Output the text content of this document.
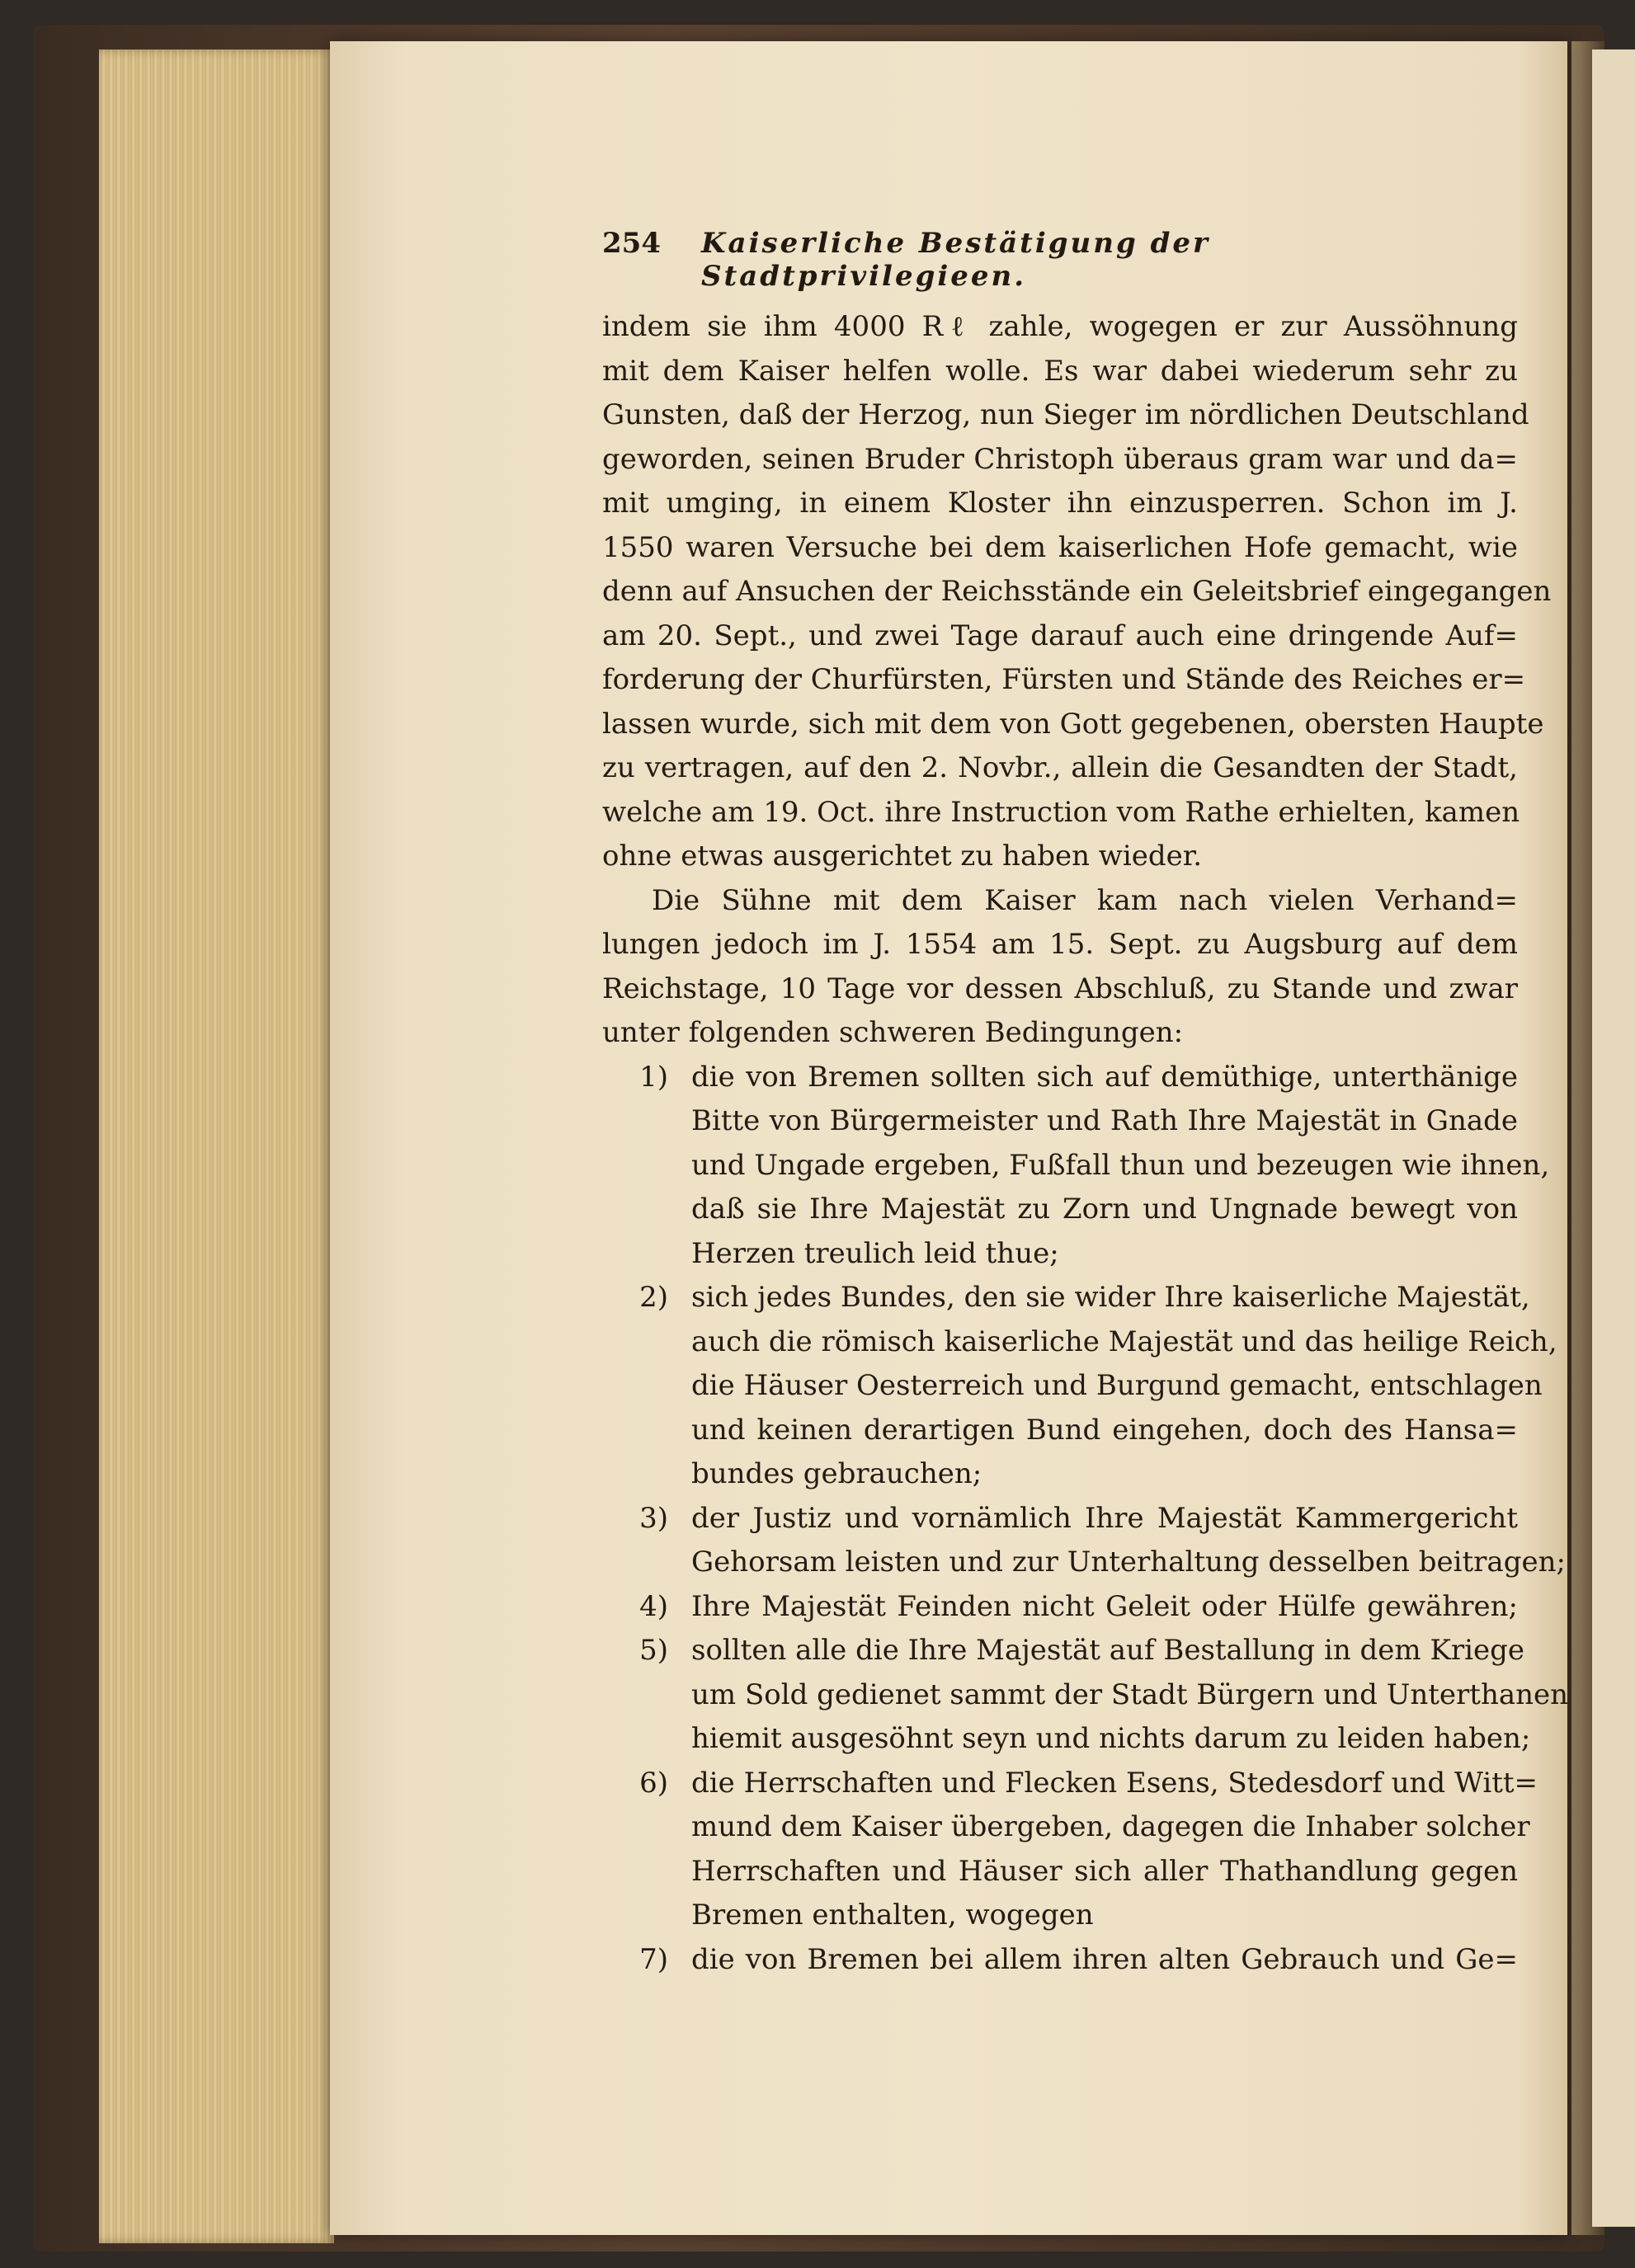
254 Kaiserliche Bestätigung der Stadtprivilegieen.
indem sie ihm 4000 Rℓ zahle, wogegen er zur Aussöhnung
mit dem Kaiser helfen wolle. Es war dabei wiederum sehr zu
Gunsten, daß der Herzog, nun Sieger im nördlichen Deutschland
geworden, seinen Bruder Christoph überaus gram war und da=
mit umging, in einem Kloster ihn einzusperren. Schon im J.
1550 waren Versuche bei dem kaiserlichen Hofe gemacht, wie
denn auf Ansuchen der Reichsstände ein Geleitsbrief eingegangen
am 20. Sept., und zwei Tage darauf auch eine dringende Auf=
forderung der Churfürsten, Fürsten und Stände des Reiches er=
lassen wurde, sich mit dem von Gott gegebenen, obersten Haupte
zu vertragen, auf den 2. Novbr., allein die Gesandten der Stadt,
welche am 19. Oct. ihre Instruction vom Rathe erhielten, kamen
ohne etwas ausgerichtet zu haben wieder.
Die Sühne mit dem Kaiser kam nach vielen Verhand=
lungen jedoch im J. 1554 am 15. Sept. zu Augsburg auf dem
Reichstage, 10 Tage vor dessen Abschluß, zu Stande und zwar
unter folgenden schweren Bedingungen:
1) die von Bremen sollten sich auf demüthige, unterthänige
Bitte von Bürgermeister und Rath Ihre Majestät in Gnade
und Ungade ergeben, Fußfall thun und bezeugen wie ihnen,
daß sie Ihre Majestät zu Zorn und Ungnade bewegt von
Herzen treulich leid thue;
2) sich jedes Bundes, den sie wider Ihre kaiserliche Majestät,
auch die römisch kaiserliche Majestät und das heilige Reich,
die Häuser Oesterreich und Burgund gemacht, entschlagen
und keinen derartigen Bund eingehen, doch des Hansa=
bundes gebrauchen;
3) der Justiz und vornämlich Ihre Majestät Kammergericht
Gehorsam leisten und zur Unterhaltung desselben beitragen;
4) Ihre Majestät Feinden nicht Geleit oder Hülfe gewähren;
5) sollten alle die Ihre Majestät auf Bestallung in dem Kriege
um Sold gedienet sammt der Stadt Bürgern und Unterthanen
hiemit ausgesöhnt seyn und nichts darum zu leiden haben;
6) die Herrschaften und Flecken Esens, Stedesdorf und Witt=
mund dem Kaiser übergeben, dagegen die Inhaber solcher
Herrschaften und Häuser sich aller Thathandlung gegen
Bremen enthalten, wogegen
7) die von Bremen bei allem ihren alten Gebrauch und Ge=
